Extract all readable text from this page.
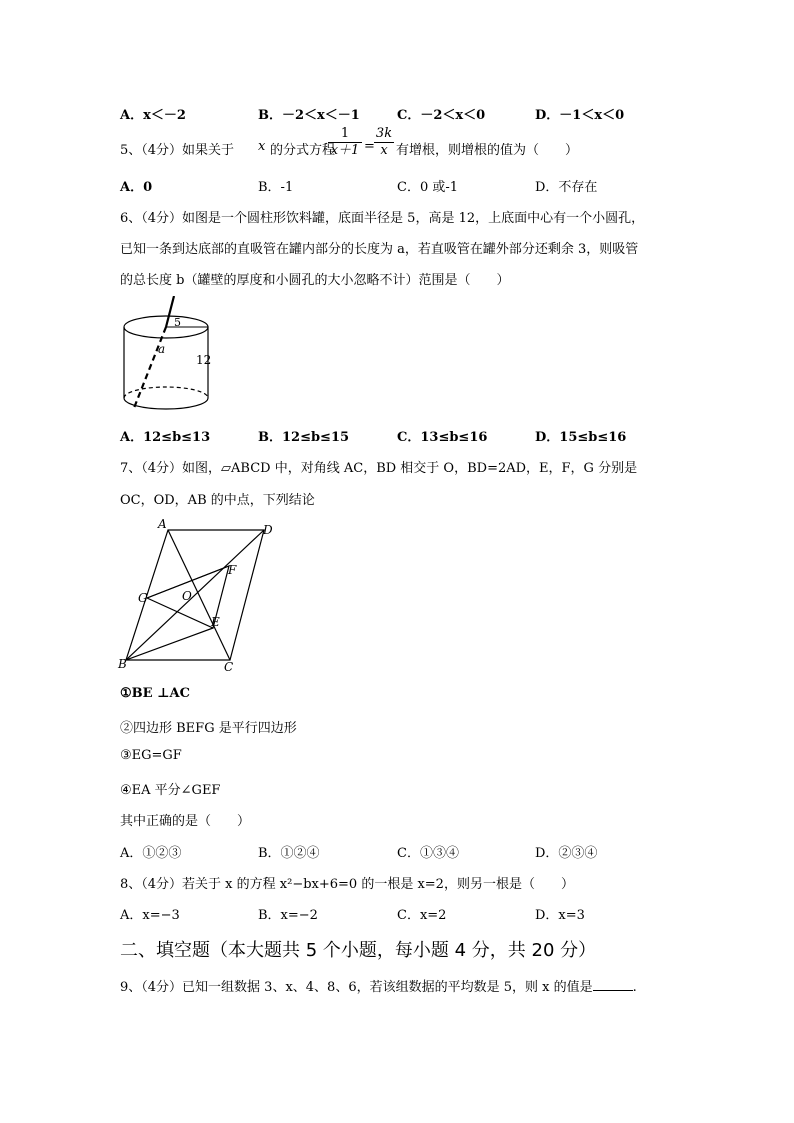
A．x＜－2	B．－2＜x＜－1	C．－2＜x＜0	D．－1＜x＜0
5、（4分）如果关于 x 的分式方程
1
x＋1 =
3k
x 有增根，则增根的值为（　　）
A．0	B．-1	C．0 或-1	D．不存在
6、（4分）如图是一个圆柱形饮料罐，底面半径是 5，高是 12，上底面中心有一个小圆孔，
已知一条到达底部的直吸管在罐内部分的长度为 a，若直吸管在罐外部分还剩余 3，则吸管
的总长度 b（罐壁的厚度和小圆孔的大小忽略不计）范围是（　　）
5
a
12
A．12≤b≤13	B．12≤b≤15	C．13≤b≤16	D．15≤b≤16
7、（4分）如图，▱ABCD 中，对角线 AC，BD 相交于 O，BD=2AD，E，F，G 分别是
OC，OD，AB 的中点，下列结论
A	D
F
G	O
E
B	C
①BE ⊥AC
②四边形 BEFG 是平行四边形
③EG=GF
④EA 平分∠GEF
其中正确的是（　　）
A．①②③	B．①②④	C．①③④	D．②③④
8、（4分）若关于 x 的方程 x²−bx+6=0 的一根是 x=2，则另一根是（　　）
A．x=−3	B．x=−2	C．x=2	D．x=3
二、填空题（本大题共 5 个小题，每小题 4 分，共 20 分）
9、（4分）已知一组数据 3、x、4、8、6，若该组数据的平均数是 5，则 x 的值是	.
